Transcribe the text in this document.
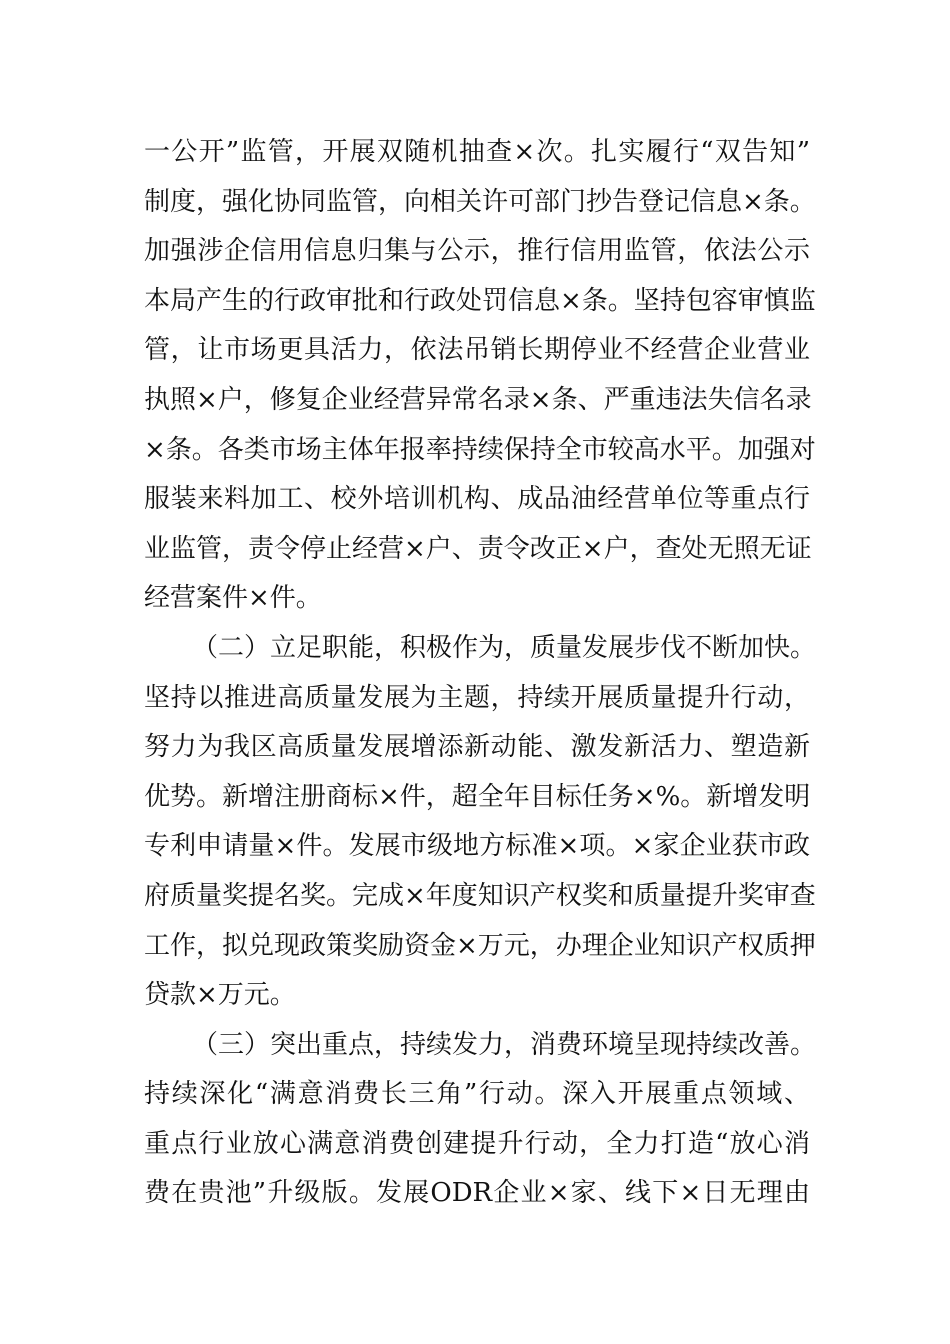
一公开”监管，开展双随机抽查×次。扎实履行“双告知”
制度，强化协同监管，向相关许可部门抄告登记信息×条。
加强涉企信用信息归集与公示，推行信用监管，依法公示
本局产生的行政审批和行政处罚信息×条。坚持包容审慎监
管，让市场更具活力，依法吊销长期停业不经营企业营业
执照×户，修复企业经营异常名录×条、严重违法失信名录
×条。各类市场主体年报率持续保持全市较高水平。加强对
服装来料加工、校外培训机构、成品油经营单位等重点行
业监管，责令停止经营×户、责令改正×户，查处无照无证
经营案件×件。
（二）立足职能，积极作为，质量发展步伐不断加快。
坚持以推进高质量发展为主题，持续开展质量提升行动，
努力为我区高质量发展增添新动能、激发新活力、塑造新
优势。新增注册商标×件，超全年目标任务×%。新增发明
专利申请量×件。发展市级地方标准×项。×家企业获市政
府质量奖提名奖。完成×年度知识产权奖和质量提升奖审查
工作，拟兑现政策奖励资金×万元，办理企业知识产权质押
贷款×万元。
（三）突出重点，持续发力，消费环境呈现持续改善。
持续深化“满意消费长三角”行动。深入开展重点领域、
重点行业放心满意消费创建提升行动，全力打造“放心消
费在贵池”升级版。发展ODR企业×家、线下×日无理由
